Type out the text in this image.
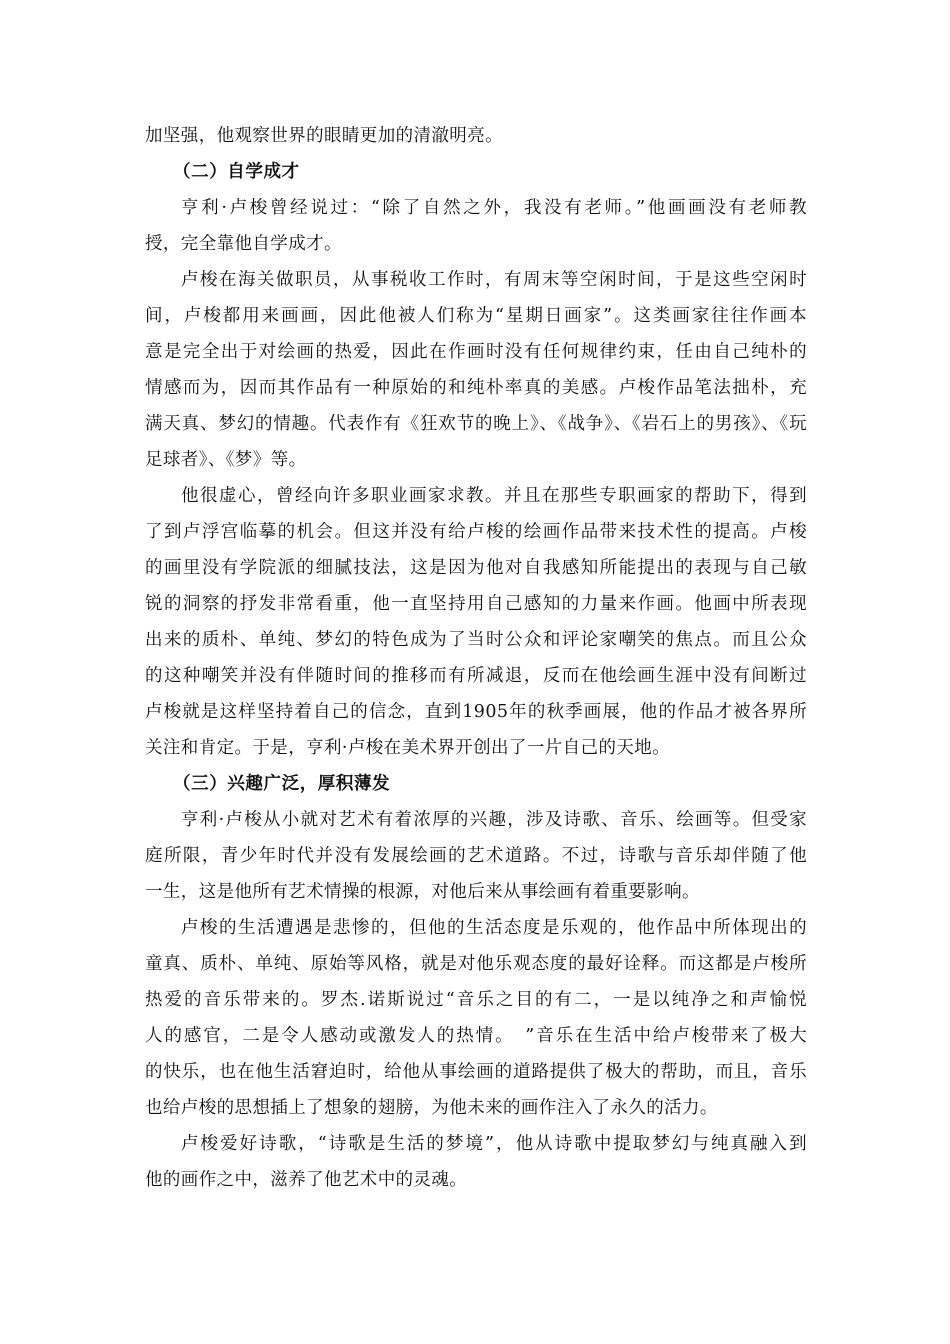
加坚强，他观察世界的眼睛更加的清澈明亮。
（二）自学成才
亨利·卢梭曾经说过：“除了自然之外，我没有老师。”他画画没有老师教
授，完全靠他自学成才。
卢梭在海关做职员，从事税收工作时，有周末等空闲时间，于是这些空闲时
间，卢梭都用来画画，因此他被人们称为“星期日画家”。这类画家往往作画本
意是完全出于对绘画的热爱，因此在作画时没有任何规律约束，任由自己纯朴的
情感而为，因而其作品有一种原始的和纯朴率真的美感。卢梭作品笔法拙朴，充
满天真、梦幻的情趣。代表作有《狂欢节的晚上》、《战争》、《岩石上的男孩》、《玩
足球者》、《梦》等。
他很虚心，曾经向许多职业画家求教。并且在那些专职画家的帮助下，得到
了到卢浮宫临摹的机会。但这并没有给卢梭的绘画作品带来技术性的提高。卢梭
的画里没有学院派的细腻技法，这是因为他对自我感知所能提出的表现与自己敏
锐的洞察的抒发非常看重，他一直坚持用自己感知的力量来作画。他画中所表现
出来的质朴、单纯、梦幻的特色成为了当时公众和评论家嘲笑的焦点。而且公众
的这种嘲笑并没有伴随时间的推移而有所减退，反而在他绘画生涯中没有间断过
卢梭就是这样坚持着自己的信念，直到1905年的秋季画展，他的作品才被各界所
关注和肯定。于是，亨利·卢梭在美术界开创出了一片自己的天地。
（三）兴趣广泛，厚积薄发
亨利·卢梭从小就对艺术有着浓厚的兴趣，涉及诗歌、音乐、绘画等。但受家
庭所限，青少年时代并没有发展绘画的艺术道路。不过，诗歌与音乐却伴随了他
一生，这是他所有艺术情操的根源，对他后来从事绘画有着重要影响。
卢梭的生活遭遇是悲惨的，但他的生活态度是乐观的，他作品中所体现出的
童真、质朴、单纯、原始等风格，就是对他乐观态度的最好诠释。而这都是卢梭所
热爱的音乐带来的。罗杰.诺斯说过“音乐之目的有二，一是以纯净之和声愉悦
人的感官，二是令人感动或激发人的热情。　”音乐在生活中给卢梭带来了极大
的快乐，也在他生活窘迫时，给他从事绘画的道路提供了极大的帮助，而且，音乐
也给卢梭的思想插上了想象的翅膀，为他未来的画作注入了永久的活力。
卢梭爱好诗歌，“诗歌是生活的梦境”，他从诗歌中提取梦幻与纯真融入到
他的画作之中，滋养了他艺术中的灵魂。
